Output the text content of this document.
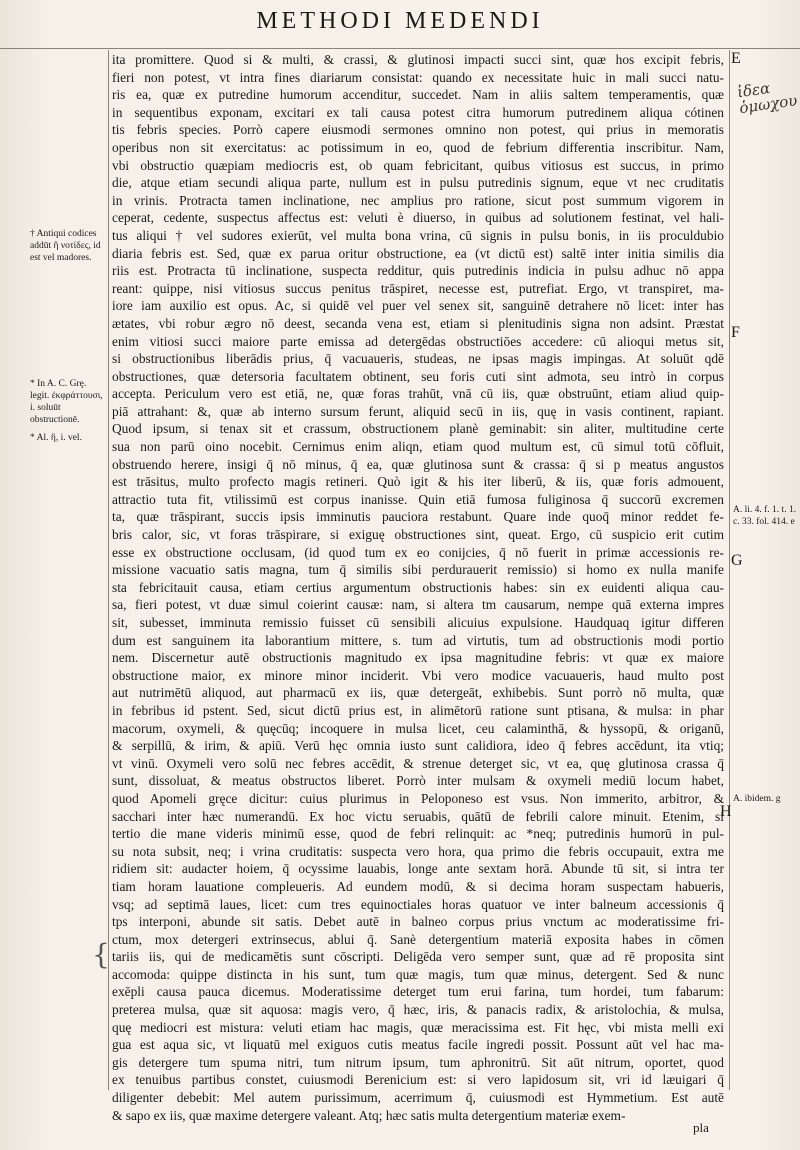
METHODI MEDENDI
ita promittere. Quod si & multi, & crassi, & glutinosi impacti succi sint, quæ hos excipit febris,
fieri non potest, vt intra fines diariarum consistat: quando ex necessitate huic in mali succi natu-
ris ea, quæ ex putredine humorum accenditur, succedet. Nam in aliis saltem temperamentis, quæ
in sequentibus exponam, excitari ex tali causa potest citra humorum putredinem aliqua cótinen
tis febris species. Porrò capere eiusmodi sermones omnino non potest, qui prius in memoratis
operibus non sit exercitatus: ac potissimum in eo, quod de febrium differentia inscribitur. Nam,
vbi obstructio quæpiam mediocris est, ob quam febricitant, quibus vitiosus est succus, in primo
die, atque etiam secundi aliqua parte, nullum est in pulsu putredinis signum, eque vt nec cruditatis
in vrinis. Protracta tamen inclinatione, nec amplius pro ratione, sicut post summum vigorem in
ceperat, cedente, suspectus affectus est: veluti è diuerso, in quibus ad solutionem festinat, vel hali-
tus aliqui † vel sudores exierūt, vel multa bona vrina, cū signis in pulsu bonis, in iis proculdubio
diaria febris est. Sed, quæ ex parua oritur obstructione, ea (vt dictū est) saltē inter initia similis dia
riis est. Protracta tū inclinatione, suspecta redditur, quis putredinis indicia in pulsu adhuc nō appa
reant: quippe, nisi vitiosus succus penitus trāspiret, necesse est, putrefiat. Ergo, vt transpiret, ma-
iore iam auxilio est opus. Ac, si quidē vel puer vel senex sit, sanguinē detrahere nō licet: inter has
ætates, vbi robur ægro nō deest, secanda vena est, etiam si plenitudinis signa non adsint. Præstat
enim vitiosi succi maiore parte emissa ad detergēdas obstructiōes accedere: cū alioqui metus sit,
si obstructionibus liberādis prius, q̄ vacuaueris, studeas, ne ipsas magis impingas. At soluūt qdē
obstructiones, quæ detersoria facultatem obtinent, seu foris cuti sint admota, seu intrò in corpus
accepta. Periculum vero est etiā, ne, quæ foras trahūt, vnā cū iis, quæ obstruūnt, etiam aliud quip-
piā attrahant: &, quæ ab interno sursum ferunt, aliquid secū in iis, quę in vasis continent, rapiant.
Quod ipsum, si tenax sit et crassum, obstructionem planè geminabit: sin aliter, multitudine certe
sua non parū oino nocebit. Cernimus enim aliqn, etiam quod multum est, cū simul totū cōfluit,
obstruendo herere, insigi q̄ nō minus, q̄ ea, quæ glutinosa sunt & crassa: q̄ si p meatus angustos
est trāsitus, multo profecto magis retineri. Quò igit & his iter liberū, & iis, quæ foris admouent,
attractio tuta fit, vtilissimū est corpus inanisse. Quin etiā fumosa fuliginosa q̄ succorū excremen
ta, quæ trāspirant, succis ipsis imminutis pauciora restabunt. Quare inde quoq̄ minor reddet fe-
bris calor, sic, vt foras trāspirare, si exiguę obstructiones sint, queat. Ergo, cū suspicio erit cutim
esse ex obstructione occlusam, (id quod tum ex eo conijcies, q̄ nō fuerit in primæ accessionis re-
missione vacuatio satis magna, tum q̄ similis sibi perdurauerit remissio) si homo ex nulla manife
sta febricitauit causa, etiam certius argumentum obstructionis habes: sin ex euidenti aliqua cau-
sa, fieri potest, vt duæ simul coierint causæ: nam, si altera tm causarum, nempe quā externa impres
sit, subesset, imminuta remissio fuisset cū sensibili alicuius expulsione. Haudquaq igitur differen
dum est sanguinem ita laborantium mittere, s. tum ad virtutis, tum ad obstructionis modi portio
nem. Discernetur autē obstructionis magnitudo ex ipsa magnitudine febris: vt quæ ex maiore
obstructione maior, ex minore minor inciderit. Vbi vero modice vacuaueris, haud multo post
aut nutrimētū aliquod, aut pharmacū ex iis, quæ detergeāt, exhibebis. Sunt porrò nō multa, quæ
in febribus id pstent. Sed, sicut dictū prius est, in alimētorū ratione sunt ptisana, & mulsa: in phar
macorum, oxymeli, & quęcūq; incoquere in mulsa licet, ceu calaminthā, & hyssopū, & origanū,
& serpillū, & irim, & apiū. Verū hęc omnia iusto sunt calidiora, ideo q̄ febres accēdunt, ita vtiq;
vt vinū. Oxymeli vero solū nec febres accēdit, & strenue deterget sic, vt ea, quę glutinosa crassa q̄
sunt, dissoluat, & meatus obstructos liberet. Porrò inter mulsam & oxymeli mediū locum habet,
quod Apomeli gręce dicitur: cuius plurimus in Peloponeso est vsus. Non immerito, arbitror, &
sacchari inter hæc numerandū. Ex hoc victu seruabis, quātū de febrili calore minuit. Etenim, si
tertio die mane videris minimū esse, quod de febri relinquit: ac *neq; putredinis humorū in pul-
su nota subsit, neq; i vrina cruditatis: suspecta vero hora, qua primo die febris occupauit, extra me
ridiem sit: audacter hoiem, q̄ ocyssime lauabis, longe ante sextam horā. Abunde tū sit, si intra ter
tiam horam lauatione compleueris. Ad eundem modū, & si decima horam suspectam habueris,
vsq; ad septimā laues, licet: cum tres equinoctiales horas quatuor ve inter balneum accessionis q̄
tps interponi, abunde sit satis. Debet autē in balneo corpus prius vnctum ac moderatissime fri-
ctum, mox detergeri extrinsecus, ablui q̄. Sanè detergentium materiā exposita habes in cōmen
tariis iis, qui de medicamētis sunt cōscripti. Deligēda vero semper sunt, quæ ad rē proposita sint
accomoda: quippe distincta in his sunt, tum quæ magis, tum quæ minus, detergent. Sed & nunc
exēpli causa pauca dicemus. Moderatissime deterget tum erui farina, tum hordei, tum fabarum:
preterea mulsa, quæ sit aquosa: magis vero, q̄ hæc, iris, & panacis radix, & aristolochia, & mulsa,
quę mediocri est mistura: veluti etiam hac magis, quæ meracissima est. Fit hęc, vbi mista melli exi
gua est aqua sic, vt liquatū mel exiguos cutis meatus facile ingredi possit. Possunt aūt vel hac ma-
gis detergere tum spuma nitri, tum nitrum ipsum, tum aphronitrū. Sit aūt nitrum, oportet, quod
ex tenuibus partibus constet, cuiusmodi Berenicium est: si vero lapidosum sit, vri id læuigari q̄
diligenter debebit: Mel autem purissimum, acerrimum q̄, cuiusmodi est Hymmetium. Est autē
& sapo ex iis, quæ maxime detergere valeant. Atq; hæc satis multa detergentium materiæ exem-
† Antiqui codices addūt ἢ νοτίδες, id est vel madores.
* In A. C. Grę. legit. ἐκφράττουσι, i. soluūt obstructionē.
* Al. ἢ, i. vel.
A. li. 4. f. 1. t. 1. c. 33. fol. 414. e
A. ibidem. g
E
F
G
H
ἰδεα ὁμωχου
{
pla
